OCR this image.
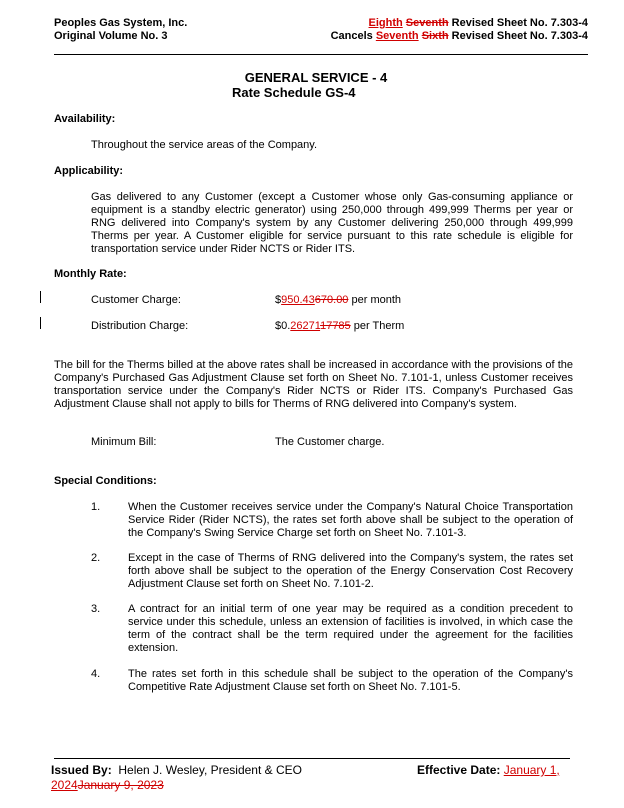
Peoples Gas System, Inc.
Original Volume No. 3
Eighth Seventh Revised Sheet No. 7.303-4
Cancels Seventh Sixth Revised Sheet No. 7.303-4
GENERAL SERVICE - 4
Rate Schedule GS-4
Availability:
Throughout the service areas of the Company.
Applicability:
Gas delivered to any Customer (except a Customer whose only Gas-consuming appliance or equipment is a standby electric generator) using 250,000 through 499,999 Therms per year or RNG delivered into Company's system by any Customer delivering 250,000 through 499,999 Therms per year. A Customer eligible for service pursuant to this rate schedule is eligible for transportation service under Rider NCTS or Rider ITS.
Monthly Rate:
Customer Charge:	$950.43670.00 per month
Distribution Charge:	$0.2627117785 per Therm
The bill for the Therms billed at the above rates shall be increased in accordance with the provisions of the Company's Purchased Gas Adjustment Clause set forth on Sheet No. 7.101-1, unless Customer receives transportation service under the Company's Rider NCTS or Rider ITS. Company's Purchased Gas Adjustment Clause shall not apply to bills for Therms of RNG delivered into Company's system.
Minimum Bill:	The Customer charge.
Special Conditions:
1.	When the Customer receives service under the Company's Natural Choice Transportation Service Rider (Rider NCTS), the rates set forth above shall be subject to the operation of the Company's Swing Service Charge set forth on Sheet No. 7.101-3.
2.	Except in the case of Therms of RNG delivered into the Company's system, the rates set forth above shall be subject to the operation of the Energy Conservation Cost Recovery Adjustment Clause set forth on Sheet No. 7.101-2.
3.	A contract for an initial term of one year may be required as a condition precedent to service under this schedule, unless an extension of facilities is involved, in which case the term of the contract shall be the term required under the agreement for the facilities extension.
4.	The rates set forth in this schedule shall be subject to the operation of the Company's Competitive Rate Adjustment Clause set forth on Sheet No. 7.101-5.
Issued By: Helen J. Wesley, President & CEO	Effective Date: January 1,
2024January 9, 2023
